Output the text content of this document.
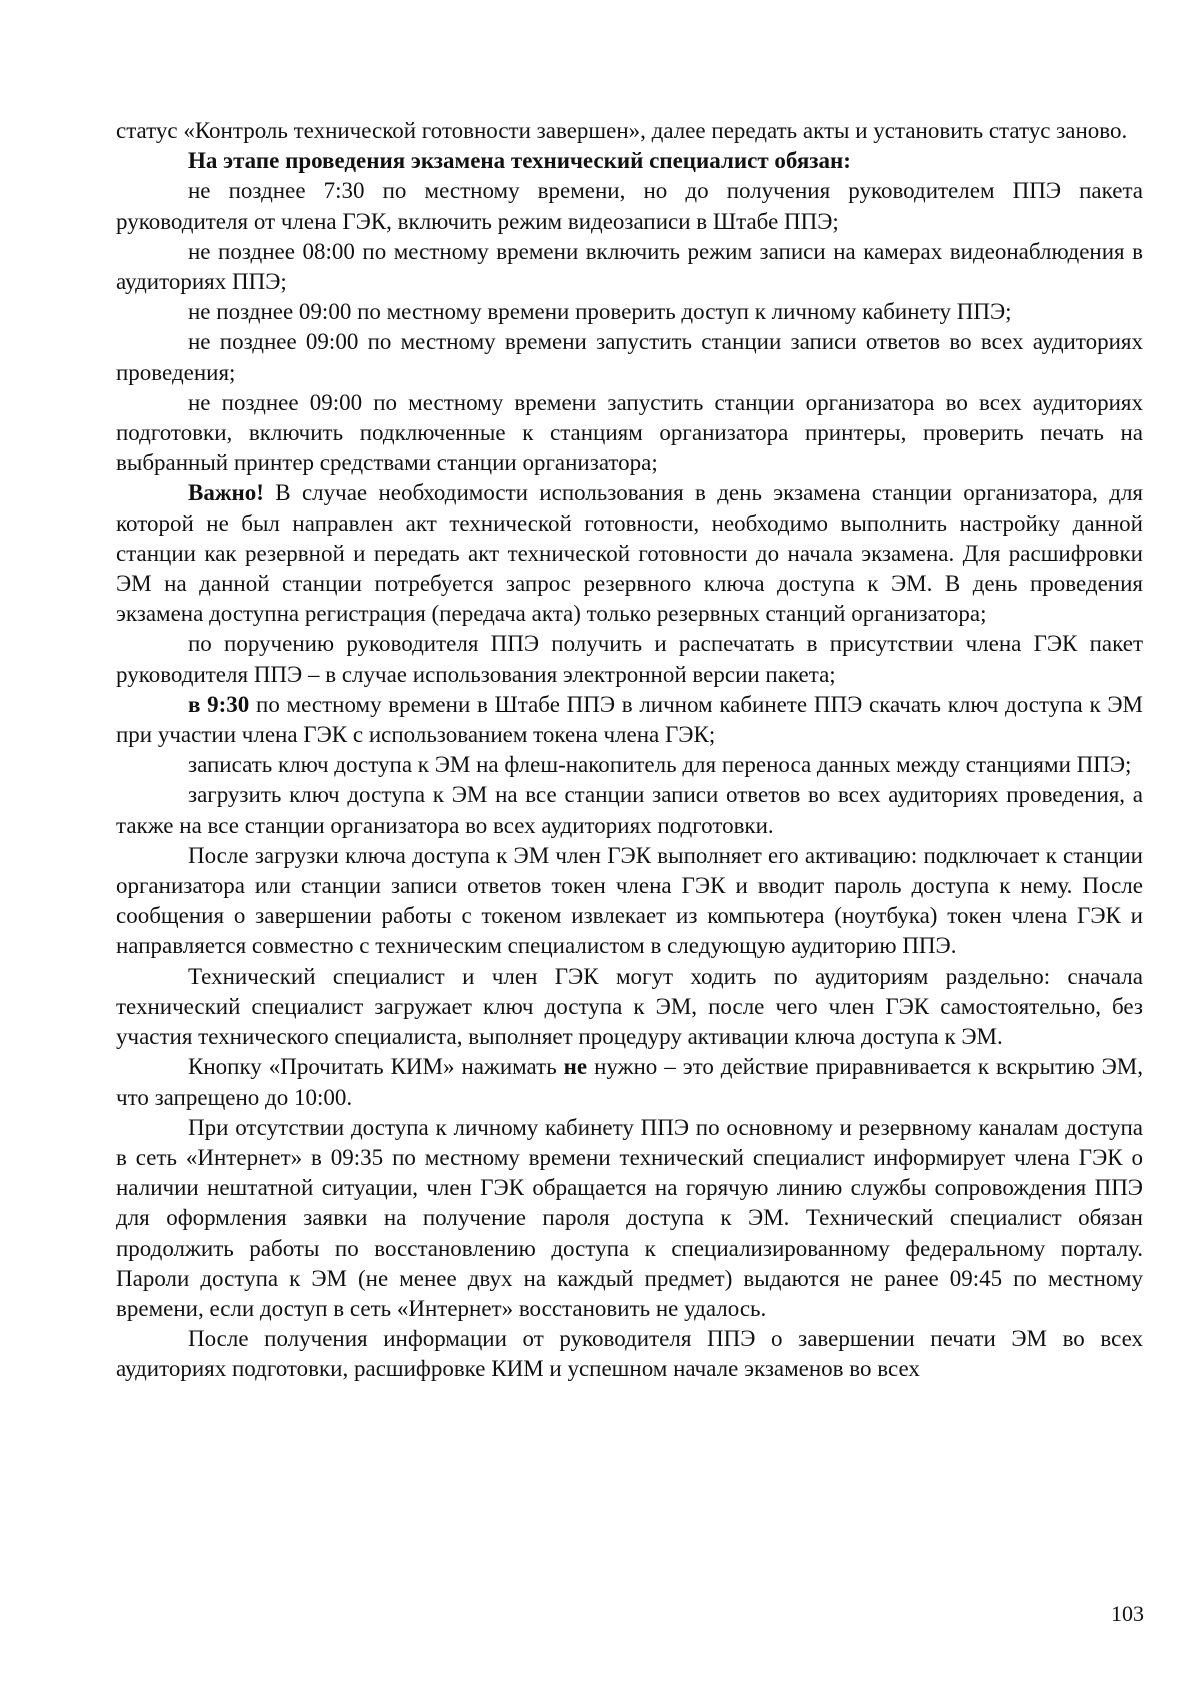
статус «Контроль технической готовности завершен», далее передать акты и установить статус заново.

На этапе проведения экзамена технический специалист обязан:

не позднее 7:30 по местному времени, но до получения руководителем ППЭ пакета руководителя от члена ГЭК, включить режим видеозаписи в Штабе ППЭ;

не позднее 08:00 по местному времени включить режим записи на камерах видеонаблюдения в аудиториях ППЭ;

не позднее 09:00 по местному времени проверить доступ к личному кабинету ППЭ;

не позднее 09:00 по местному времени запустить станции записи ответов во всех аудиториях проведения;

не позднее 09:00 по местному времени запустить станции организатора во всех аудиториях подготовки, включить подключенные к станциям организатора принтеры, проверить печать на выбранный принтер средствами станции организатора;

Важно! В случае необходимости использования в день экзамена станции организатора, для которой не был направлен акт технической готовности, необходимо выполнить настройку данной станции как резервной и передать акт технической готовности до начала экзамена. Для расшифровки ЭМ на данной станции потребуется запрос резервного ключа доступа к ЭМ. В день проведения экзамена доступна регистрация (передача акта) только резервных станций организатора;

по поручению руководителя ППЭ получить и распечатать в присутствии члена ГЭК пакет руководителя ППЭ – в случае использования электронной версии пакета;

в 9:30 по местному времени в Штабе ППЭ в личном кабинете ППЭ скачать ключ доступа к ЭМ при участии члена ГЭК с использованием токена члена ГЭК;

записать ключ доступа к ЭМ на флеш-накопитель для переноса данных между станциями ППЭ;

загрузить ключ доступа к ЭМ на все станции записи ответов во всех аудиториях проведения, а также на все станции организатора во всех аудиториях подготовки.

После загрузки ключа доступа к ЭМ член ГЭК выполняет его активацию: подключает к станции организатора или станции записи ответов токен члена ГЭК и вводит пароль доступа к нему. После сообщения о завершении работы с токеном извлекает из компьютера (ноутбука) токен члена ГЭК и направляется совместно с техническим специалистом в следующую аудиторию ППЭ.

Технический специалист и член ГЭК могут ходить по аудиториям раздельно: сначала технический специалист загружает ключ доступа к ЭМ, после чего член ГЭК самостоятельно, без участия технического специалиста, выполняет процедуру активации ключа доступа к ЭМ.

Кнопку «Прочитать КИМ» нажимать не нужно – это действие приравнивается к вскрытию ЭМ, что запрещено до 10:00.

При отсутствии доступа к личному кабинету ППЭ по основному и резервному каналам доступа в сеть «Интернет» в 09:35 по местному времени технический специалист информирует члена ГЭК о наличии нештатной ситуации, член ГЭК обращается на горячую линию службы сопровождения ППЭ для оформления заявки на получение пароля доступа к ЭМ. Технический специалист обязан продолжить работы по восстановлению доступа к специализированному федеральному порталу. Пароли доступа к ЭМ (не менее двух на каждый предмет) выдаются не ранее 09:45 по местному времени, если доступ в сеть «Интернет» восстановить не удалось.

После получения информации от руководителя ППЭ о завершении печати ЭМ во всех аудиториях подготовки, расшифровке КИМ и успешном начале экзаменов во всех

103
